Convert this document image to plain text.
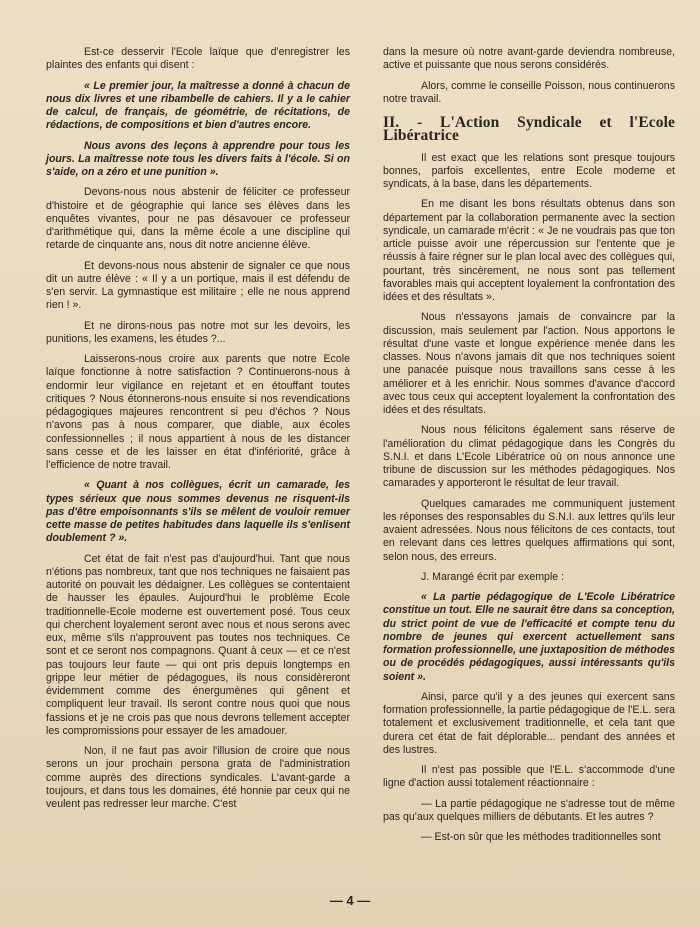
Est-ce desservir l'Ecole laïque que d'enregistrer les plaintes des enfants qui disent :

« Le premier jour, la maîtresse a donné à chacun de nous dix livres et une ribambelle de cahiers. Il y a le cahier de calcul, de français, de géométrie, de récitations, de rédactions, de compositions et bien d'autres encore.

Nous avons des leçons à apprendre pour tous les jours. La maîtresse note tous les divers faits à l'école. Si on s'aide, on a zéro et une punition ».

Devons-nous nous abstenir de féliciter ce professeur d'histoire et de géographie qui lance ses élèves dans les enquêtes vivantes, pour ne pas désavouer ce professeur d'arithmétique qui, dans la même école a une discipline qui retarde de cinquante ans, nous dit notre ancienne élève.

Et devons-nous nous abstenir de signaler ce que nous dit un autre élève : « Il y a un portique, mais il est défendu de s'en servir. La gymnastique est militaire ; elle ne nous apprend rien ! ».

Et ne dirons-nous pas notre mot sur les devoirs, les punitions, les examens, les études ?...

Laisserons-nous croire aux parents que notre Ecole laïque fonctionne à notre satisfaction ? Continuerons-nous à endormir leur vigilance en rejetant et en étouffant toutes critiques ? Nous étonnerons-nous ensuite si nos revendications pédagogiques majeures rencontrent si peu d'échos ? Nous n'avons pas à nous comparer, que diable, aux écoles confessionnelles ; il nous appartient à nous de les distancer sans cesse et de les laisser en état d'infériorité, grâce à l'efficience de notre travail.

« Quant à nos collègues, écrit un camarade, les types sérieux que nous sommes devenus ne risquent-ils pas d'être empoisonnants s'ils se mêlent de vouloir remuer cette masse de petites habitudes dans laquelle ils s'enlisent doublement ? ».

Cet état de fait n'est pas d'aujourd'hui. Tant que nous n'étions pas nombreux, tant que nos techniques ne faisaient pas autorité on pouvait les dédaigner. Les collègues se contentaient de hausser les épaules. Aujourd'hui le problème Ecole traditionnelle-Ecole moderne est ouvertement posé. Tous ceux qui cherchent loyalement seront avec nous et nous serons avec eux, même s'ils n'approuvent pas toutes nos techniques. Ce sont et ce seront nos compagnons. Quant à ceux — et ce n'est pas toujours leur faute — qui ont pris depuis longtemps en grippe leur métier de pédagogues, ils nous considèreront évidemment comme des énergumènes qui gênent et compliquent leur travail. Ils seront contre nous quoi que nous fassions et je ne crois pas que nous devrons tellement accepter les compromissions pour essayer de les amadouer.

Non, il ne faut pas avoir l'illusion de croire que nous serons un jour prochain persona grata de l'administration comme auprès des directions syndicales. L'avant-garde a toujours, et dans tous les domaines, été honnie par ceux qui ne veulent pas redresser leur marche. C'est

dans la mesure où notre avant-garde deviendra nombreuse, active et puissante que nous serons considérés.

Alors, comme le conseille Poisson, nous continuerons notre travail.

II. - L'Action Syndicale et l'Ecole Libératrice

Il est exact que les relations sont presque toujours bonnes, parfois excellentes, entre Ecole moderne et syndicats, à la base, dans les départements.

En me disant les bons résultats obtenus dans son département par la collaboration permanente avec la section syndicale, un camarade m'écrit : « Je ne voudrais pas que ton article puisse avoir une répercussion sur l'entente que je réussis à faire régner sur le plan local avec des collègues qui, pourtant, très sincèrement, ne nous sont pas tellement favorables mais qui acceptent loyalement la confrontation des idées et des résultats ».

Nous n'essayons jamais de convaincre par la discussion, mais seulement par l'action. Nous apportons le résultat d'une vaste et longue expérience menée dans les classes. Nous n'avons jamais dit que nos techniques soient une panacée puisque nous travaillons sans cesse à les améliorer et à les enrichir. Nous sommes d'avance d'accord avec tous ceux qui acceptent loyalement la confrontation des idées et des résultats.

Nous nous félicitons également sans réserve de l'amélioration du climat pédagogique dans les Congrès du S.N.I. et dans L'Ecole Libératrice où on nous annonce une tribune de discussion sur les méthodes pédagogiques. Nos camarades y apporteront le résultat de leur travail.

Quelques camarades me communiquent justement les réponses des responsables du S.N.I. aux lettres qu'ils leur avaient adressées. Nous nous félicitons de ces contacts, tout en relevant dans ces lettres quelques affirmations qui sont, selon nous, des erreurs.

J. Marangé écrit par exemple :

« La partie pédagogique de L'Ecole Libératrice constitue un tout. Elle ne saurait être dans sa conception, du strict point de vue de l'efficacité et compte tenu du nombre de jeunes qui exercent actuellement sans formation professionnelle, une juxtaposition de méthodes ou de procédés pédagogiques, aussi intéressants qu'ils soient ».

Ainsi, parce qu'il y a des jeunes qui exercent sans formation professionnelle, la partie pédagogique de l'E.L. sera totalement et exclusivement traditionnelle, et cela tant que durera cet état de fait déplorable... pendant des années et des lustres.

Il n'est pas possible que l'E.L. s'accommode d'une ligne d'action aussi totalement réactionnaire :

— La partie pédagogique ne s'adresse tout de même pas qu'aux quelques milliers de débutants. Et les autres ?

— Est-on sûr que les méthodes traditionnelles sont

— 4 —
